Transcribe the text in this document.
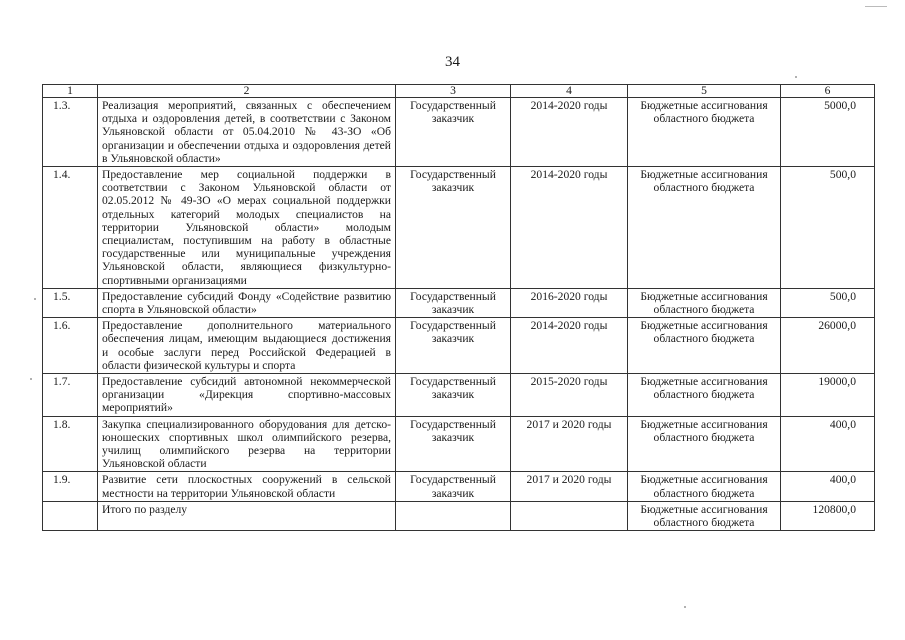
34
1	2	3	4	5	6
1.3.	Реализация мероприятий, связанных с обеспечением отдыха и оздоровления детей, в соответствии с Законом Ульяновской области от 05.04.2010 № 43-ЗО «Об организации и обеспечении отдыха и оздоровления детей в Ульяновской области»	Государственный заказчик	2014-2020 годы	Бюджетные ассигнования областного бюджета	5000,0
1.4.	Предоставление мер социальной поддержки в соответствии с Законом Ульяновской области от 02.05.2012 № 49-ЗО «О мерах социальной поддержки отдельных категорий молодых специалистов на территории Ульяновской области» молодым специалистам, поступившим на работу в областные государственные или муниципальные учреждения Ульяновской области, являющиеся физкультурно-спортивными организациями	Государственный заказчик	2014-2020 годы	Бюджетные ассигнования областного бюджета	500,0
1.5.	Предоставление субсидий Фонду «Содействие развитию спорта в Ульяновской области»	Государственный заказчик	2016-2020 годы	Бюджетные ассигнования областного бюджета	500,0
1.6.	Предоставление дополнительного материального обеспечения лицам, имеющим выдающиеся достижения и особые заслуги перед Российской Федерацией в области физической культуры и спорта	Государственный заказчик	2014-2020 годы	Бюджетные ассигнования областного бюджета	26000,0
1.7.	Предоставление субсидий автономной некоммерческой организации «Дирекция спортивно-массовых мероприятий»	Государственный заказчик	2015-2020 годы	Бюджетные ассигнования областного бюджета	19000,0
1.8.	Закупка специализированного оборудования для детско-юношеских спортивных школ олимпийского резерва, училищ олимпийского резерва на территории Ульяновской области	Государственный заказчик	2017 и 2020 годы	Бюджетные ассигнования областного бюджета	400,0
1.9.	Развитие сети плоскостных сооружений в сельской местности на территории Ульяновской области	Государственный заказчик	2017 и 2020 годы	Бюджетные ассигнования областного бюджета	400,0
	Итого по разделу			Бюджетные ассигнования областного бюджета	120800,0
